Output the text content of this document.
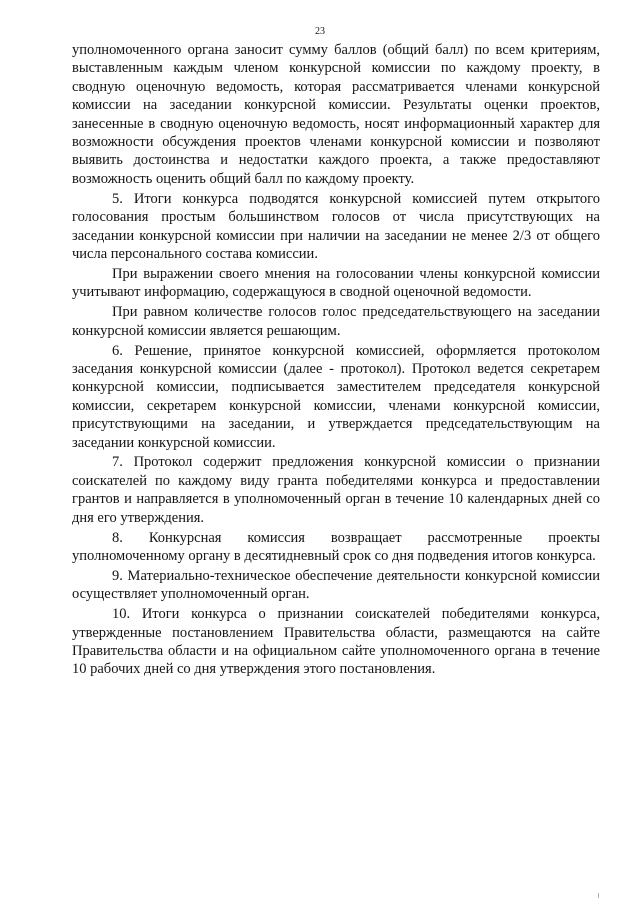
23

уполномоченного органа заносит сумму баллов (общий балл) по всем критериям, выставленным каждым членом конкурсной комиссии по каждому проекту, в сводную оценочную ведомость, которая рассматривается членами конкурсной комиссии на заседании конкурсной комиссии. Результаты оценки проектов, занесенные в сводную оценочную ведомость, носят информационный характер для возможности обсуждения проектов членами конкурсной комиссии и позволяют выявить достоинства и недостатки каждого проекта, а также предоставляют возможность оценить общий балл по каждому проекту.

5. Итоги конкурса подводятся конкурсной комиссией путем открытого голосования простым большинством голосов от числа присутствующих на заседании конкурсной комиссии при наличии на заседании не менее 2/3 от общего числа персонального состава комиссии.

При выражении своего мнения на голосовании члены конкурсной комиссии учитывают информацию, содержащуюся в сводной оценочной ведомости.

При равном количестве голосов голос председательствующего на заседании конкурсной комиссии является решающим.

6. Решение, принятое конкурсной комиссией, оформляется протоколом заседания конкурсной комиссии (далее - протокол). Протокол ведется секретарем конкурсной комиссии, подписывается заместителем председателя конкурсной комиссии, секретарем конкурсной комиссии, членами конкурсной комиссии, присутствующими на заседании, и утверждается председательствующим на заседании конкурсной комиссии.

7. Протокол содержит предложения конкурсной комиссии о признании соискателей по каждому виду гранта победителями конкурса и предоставлении грантов и направляется в уполномоченный орган в течение 10 календарных дней со дня его утверждения.

8. Конкурсная комиссия возвращает рассмотренные проекты уполномоченному органу в десятидневный срок со дня подведения итогов конкурса.

9. Материально-техническое обеспечение деятельности конкурсной комиссии осуществляет уполномоченный орган.

10. Итоги конкурса о признании соискателей победителями конкурса, утвержденные постановлением Правительства области, размещаются на сайте Правительства области и на официальном сайте уполномоченного органа в течение 10 рабочих дней со дня утверждения этого постановления.
